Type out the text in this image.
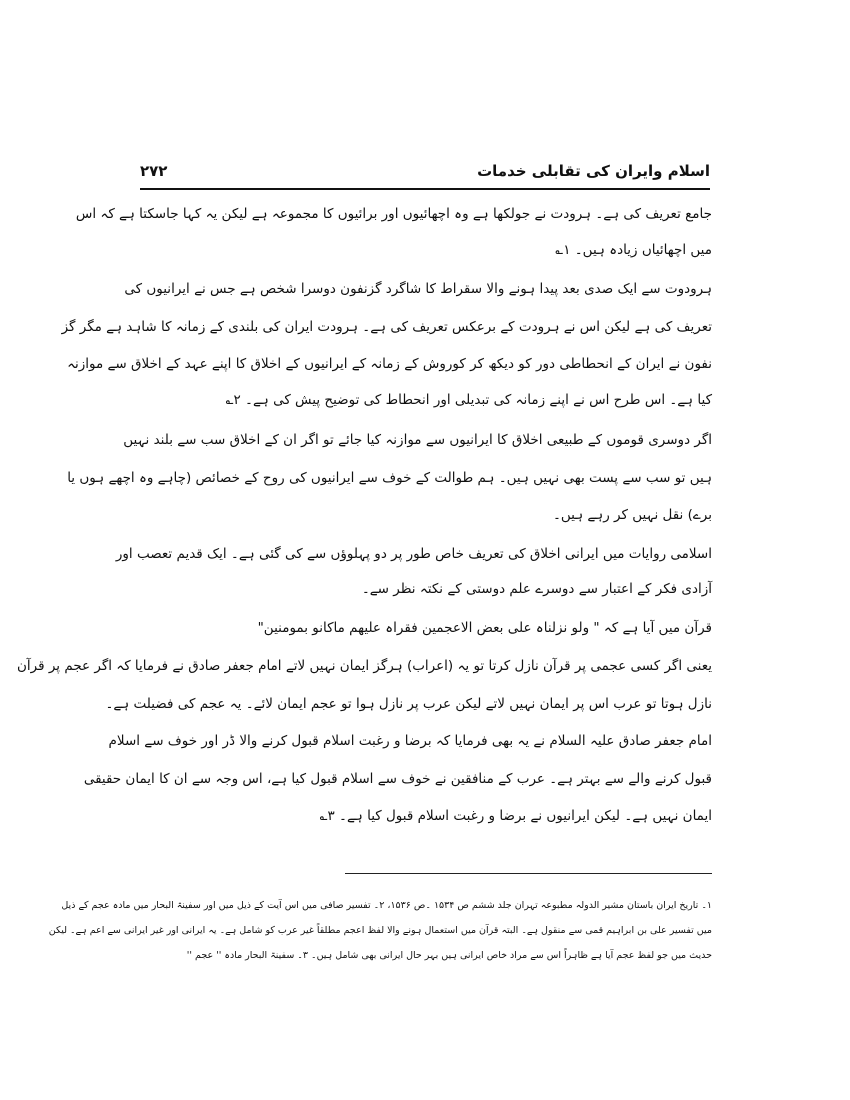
اسلام وایران کی تقابلی خدمات
۲۷۲
جامع تعریف کی ہے۔ ہرودت نے جولکھا ہے وہ اچھائیوں اور برائیوں کا مجموعہ ہے لیکن یہ کہا جاسکتا ہے کہ اس
میں اچھائیاں زیادہ ہیں۔ ۱؎
ہرودوت سے ایک صدی بعد پیدا ہونے والا سقراط کا شاگرد گزنفون دوسرا شخص ہے جس نے ایرانیوں کی
تعریف کی ہے لیکن اس نے ہرودت کے برعکس تعریف کی ہے۔ ہرودت ایران کی بلندی کے زمانہ کا شاہد ہے مگر گز
نفون نے ایران کے انحطاطی دور کو دیکھ کر کوروش کے زمانہ کے ایرانیوں کے اخلاق کا اپنے عہد کے اخلاق سے موازنہ
کیا ہے۔ اس طرح اس نے اپنے زمانہ کی تبدیلی اور انحطاط کی توضیح پیش کی ہے۔ ۲؎
اگر دوسری قوموں کے طبیعی اخلاق کا ایرانیوں سے موازنہ کیا جائے تو اگر ان کے اخلاق سب سے بلند نہیں
ہیں تو سب سے پست بھی نہیں ہیں۔ ہم طوالت کے خوف سے ایرانیوں کی روح کے خصائص (چاہے وہ اچھے ہوں یا
برے) نقل نہیں کر رہے ہیں۔
اسلامی روایات میں ایرانی اخلاق کی تعریف خاص طور پر دو پہلوؤں سے کی گئی ہے۔ ایک قدیم تعصب اور
آزادی فکر کے اعتبار سے دوسرے علم دوستی کے نکتہ نظر سے۔
قرآن میں آیا ہے کہ " ولو نزلناہ علی بعض الاعجمین فقراہ علیھم ماکانو بمومنین"
یعنی اگر کسی عجمی پر قرآن نازل کرتا تو یہ (اعراب) ہرگز ایمان نہیں لاتے امام جعفر صادق نے فرمایا کہ اگر عجم پر قرآن
نازل ہوتا تو عرب اس پر ایمان نہیں لاتے لیکن عرب پر نازل ہوا تو عجم ایمان لائے۔ یہ عجم کی فضیلت ہے۔
امام جعفر صادق علیہ السلام نے یہ بھی فرمایا کہ برضا و رغبت اسلام قبول کرنے والا ڈر اور خوف سے اسلام
قبول کرنے والے سے بہتر ہے۔ عرب کے منافقین نے خوف سے اسلام قبول کیا ہے، اس وجہ سے ان کا ایمان حقیقی
ایمان نہیں ہے۔ لیکن ایرانیوں نے برضا و رغبت اسلام قبول کیا ہے۔ ۳؎
۱۔ تاریخ ایران باستان مشیر الدولہ مطبوعہ تہران جلد ششم ص ۱۵۳۴ ۔ص ۱۵۳۶، ۲۔ تفسیر صافی میں اس آیت کے ذیل میں اور سفینۃ البحار میں مادہ عجم کے ذیل
میں تفسیر علی بن ابراہیم قمی سے منقول ہے۔ البتہ قرآن میں استعمال ہونے والا لفظ اعجم مطلقاً غیر عرب کو شامل ہے۔ یہ ایرانی اور غیر ایرانی سے اعم ہے۔ لیکن
حدیث میں جو لفظ عجم آیا ہے ظاہراً اس سے مراد خاص ایرانی ہیں بہر حال ایرانی بھی شامل ہیں۔ ۳۔ سفینۃ البحار مادہ '' عجم ''
